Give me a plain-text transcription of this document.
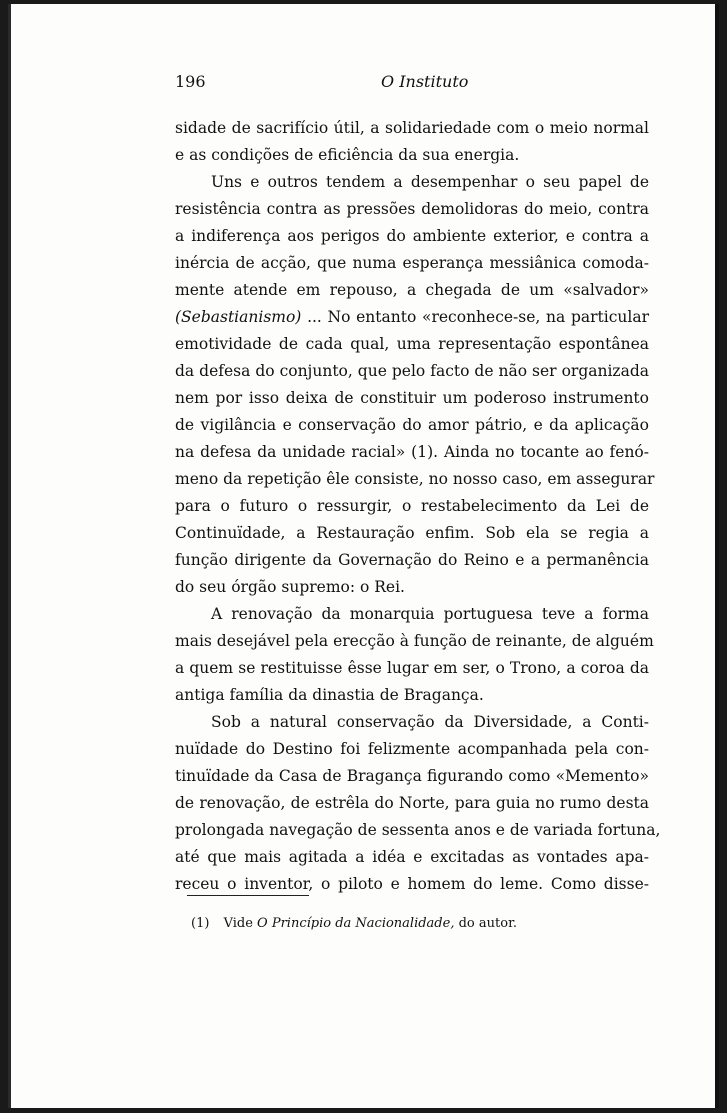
196	O Instituto
sidade de sacrifício útil, a solidariedade com o meio normal
e as condições de eficiência da sua energia.
Uns e outros tendem a desempenhar o seu papel de
resistência contra as pressões demolidoras do meio, contra
a indiferença aos perigos do ambiente exterior, e contra a
inércia de acção, que numa esperança messiânica comoda-
mente atende em repouso, a chegada de um «salvador»
(Sebastianismo) ... No entanto «reconhece-se, na particular
emotividade de cada qual, uma representação espontânea
da defesa do conjunto, que pelo facto de não ser organizada
nem por isso deixa de constituir um poderoso instrumento
de vigilância e conservação do amor pátrio, e da aplicação
na defesa da unidade racial» (1). Ainda no tocante ao fenó-
meno da repetição êle consiste, no nosso caso, em assegurar
para o futuro o ressurgir, o restabelecimento da Lei de
Continuïdade, a Restauração enfim. Sob ela se regia a
função dirigente da Governação do Reino e a permanência
do seu órgão supremo: o Rei.
A renovação da monarquia portuguesa teve a forma
mais desejável pela erecção à função de reinante, de alguém
a quem se restituisse êsse lugar em ser, o Trono, a coroa da
antiga família da dinastia de Bragança.
Sob a natural conservação da Diversidade, a Conti-
nuïdade do Destino foi felizmente acompanhada pela con-
tinuïdade da Casa de Bragança figurando como «Memento»
de renovação, de estrêla do Norte, para guia no rumo desta
prolongada navegação de sessenta anos e de variada fortuna,
até que mais agitada a idéa e excitadas as vontades apa-
receu o inventor, o piloto e homem do leme. Como disse-
(1) Vide O Princípio da Nacionalidade, do autor.
